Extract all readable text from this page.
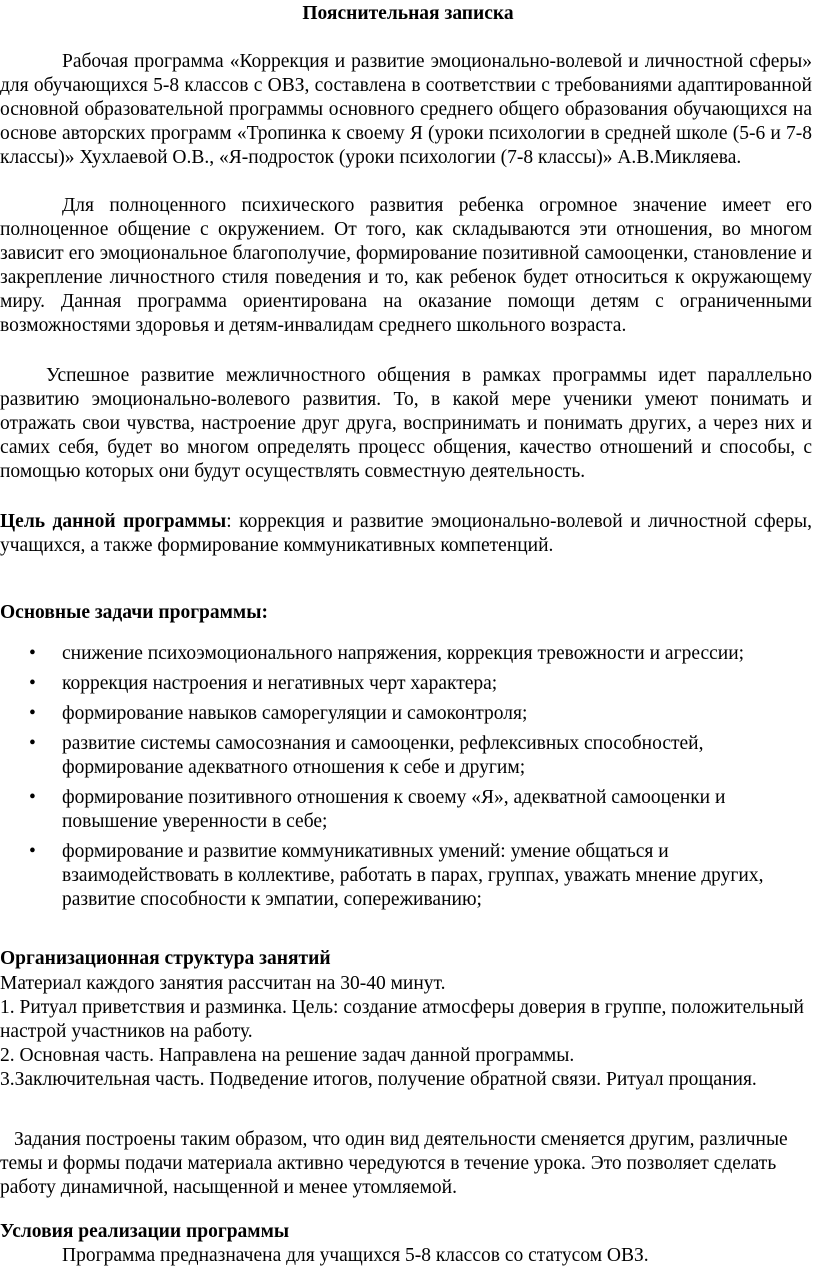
Пояснительная записка
Рабочая программа «Коррекция и развитие эмоционально-волевой и личностной сферы» для обучающихся 5-8 классов с ОВЗ, составлена в соответствии с требованиями адаптированной основной образовательной программы основного среднего общего образования обучающихся на основе авторских программ «Тропинка к своему Я (уроки психологии в средней школе (5-6 и 7-8 классы)» Хухлаевой О.В., «Я-подросток (уроки психологии (7-8 классы)» А.В.Микляева.
Для полноценного психического развития ребенка огромное значение имеет его полноценное общение с окружением. От того, как складываются эти отношения, во многом зависит его эмоциональное благополучие, формирование позитивной самооценки, становление и закрепление личностного стиля поведения и то, как ребенок будет относиться к окружающему миру. Данная программа ориентирована на оказание помощи детям с ограниченными возможностями здоровья и детям-инвалидам среднего школьного возраста.
Успешное развитие межличностного общения в рамках программы идет параллельно развитию эмоционально-волевого развития. То, в какой мере ученики умеют понимать и отражать свои чувства, настроение друг друга, воспринимать и понимать других, а через них и самих себя, будет во многом определять процесс общения, качество отношений и способы, с помощью которых они будут осуществлять совместную деятельность.
Цель данной программы: коррекция и развитие эмоционально-волевой и личностной сферы, учащихся, а также формирование коммуникативных компетенций.
Основные задачи программы:
• снижение психоэмоционального напряжения, коррекция тревожности и агрессии;
• коррекция настроения и негативных черт характера;
• формирование навыков саморегуляции и самоконтроля;
• развитие системы самосознания и самооценки, рефлексивных способностей, формирование адекватного отношения к себе и другим;
• формирование позитивного отношения к своему «Я», адекватной самооценки и повышение уверенности в себе;
• формирование и развитие коммуникативных умений: умение общаться и взаимодействовать в коллективе, работать в парах, группах, уважать мнение других, развитие способности к эмпатии, сопереживанию;
Организационная структура занятий

Материал каждого занятия рассчитан на 30-40 минут.

1. Ритуал приветствия и разминка. Цель: создание атмосферы доверия в группе, положительный настрой участников на работу.

2. Основная часть. Направлена на решение задач данной программы.

3.Заключительная часть. Подведение итогов, получение обратной связи. Ритуал прощания.

Задания построены таким образом, что один вид деятельности сменяется другим, различные темы и формы подачи материала активно чередуются в течение урока. Это позволяет сделать работу динамичной, насыщенной и менее утомляемой.
Условия реализации программы
Программа предназначена для учащихся 5-8 классов со статусом ОВЗ.
